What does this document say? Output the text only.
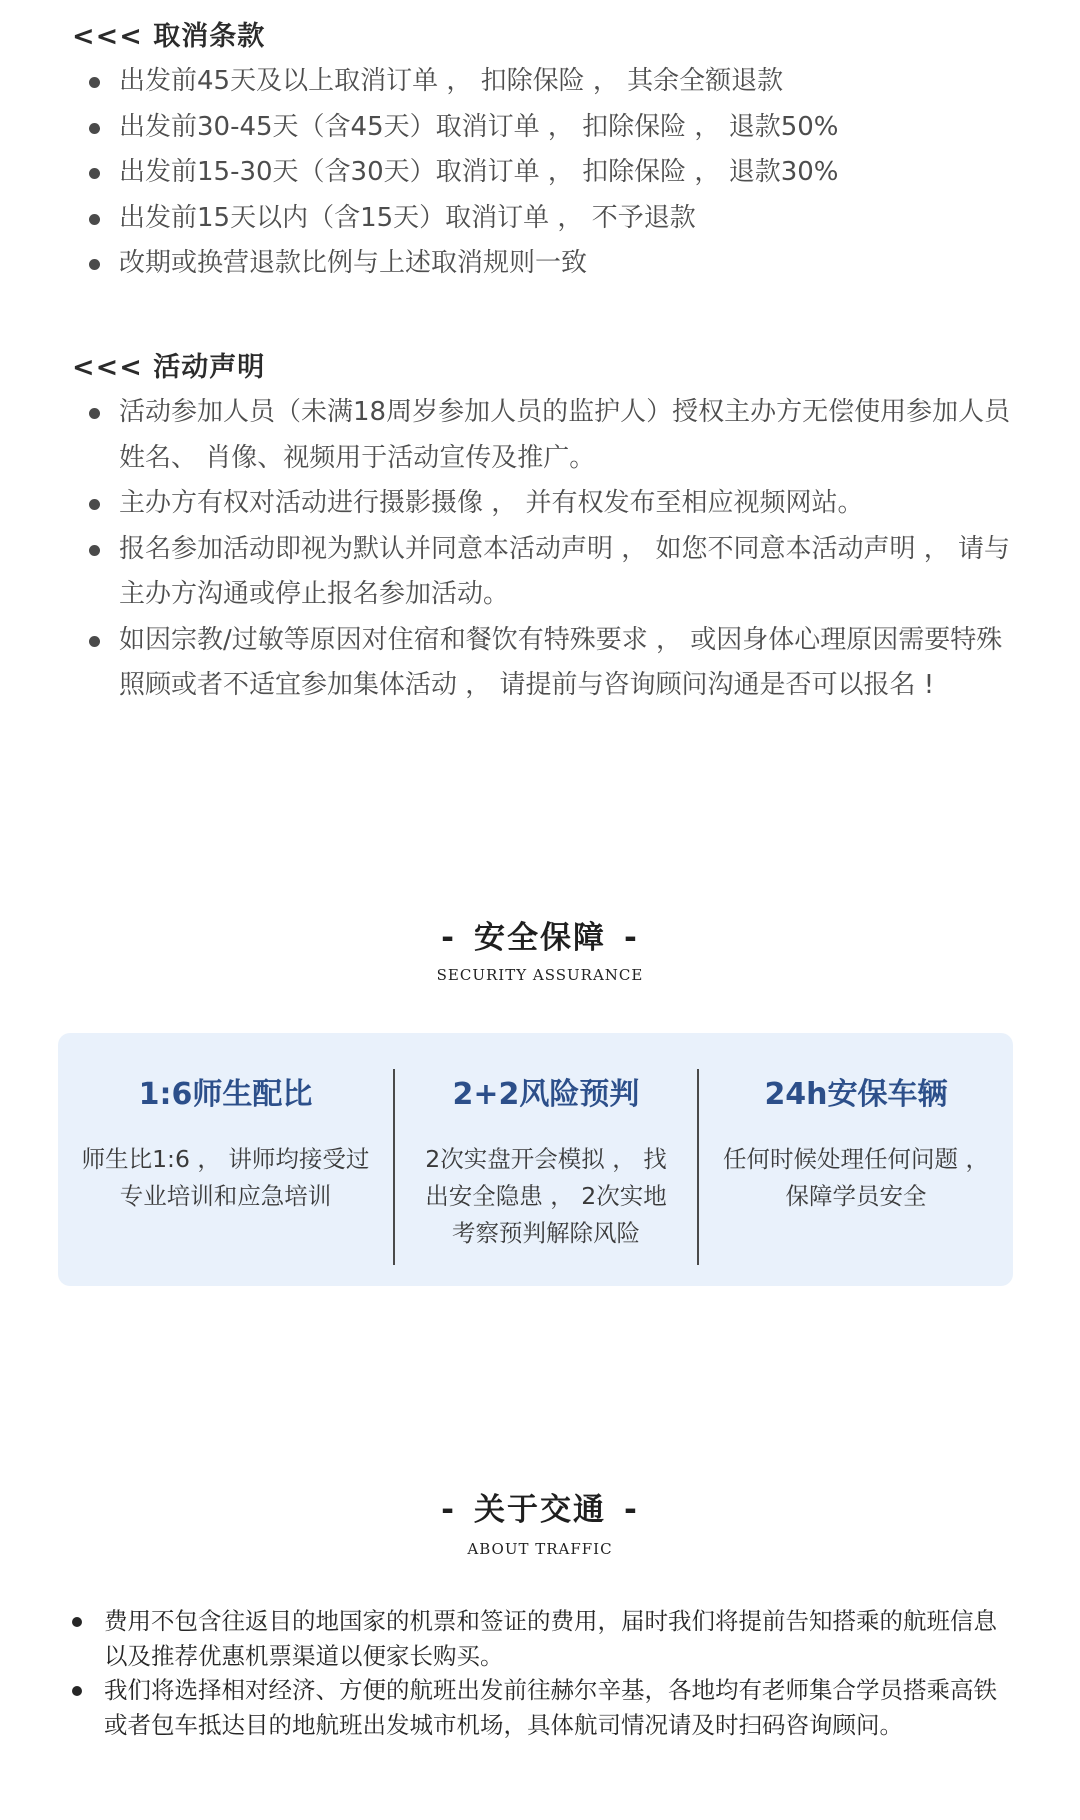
<<< 取消条款
出发前45天及以上取消订单 ， 扣除保险 ， 其余全额退款
出发前30-45天（含45天）取消订单 ， 扣除保险 ， 退款50%
出发前15-30天（含30天）取消订单 ， 扣除保险 ， 退款30%
出发前15天以内（含15天）取消订单 ， 不予退款
改期或换营退款比例与上述取消规则一致
<<< 活动声明
活动参加人员（未满18周岁参加人员的监护人）授权主办方无偿使用参加人员姓名、 肖像、视频用于活动宣传及推广。
主办方有权对活动进行摄影摄像 ， 并有权发布至相应视频网站。
报名参加活动即视为默认并同意本活动声明 ， 如您不同意本活动声明 ， 请与主办方沟通或停止报名参加活动。
如因宗教/过敏等原因对住宿和餐饮有特殊要求 ， 或因身体心理原因需要特殊照顾或者不适宜参加集体活动 ， 请提前与咨询顾问沟通是否可以报名 !
- 安全保障 -
SECURITY ASSURANCE
1:6师生配比
师生比1:6 ， 讲师均接受过
专业培训和应急培训
2+2风险预判
2次实盘开会模拟 ， 找
出安全隐患 ， 2次实地
考察预判解除风险
24h安保车辆
任何时候处理任何问题 ，
保障学员安全
- 关于交通 -
ABOUT TRAFFIC
费用不包含往返目的地国家的机票和签证的费用，届时我们将提前告知搭乘的航班信息以及推荐优惠机票渠道以便家长购买。
我们将选择相对经济、方便的航班出发前往赫尔辛基，各地均有老师集合学员搭乘高铁或者包车抵达目的地航班出发城市机场，具体航司情况请及时扫码咨询顾问。
